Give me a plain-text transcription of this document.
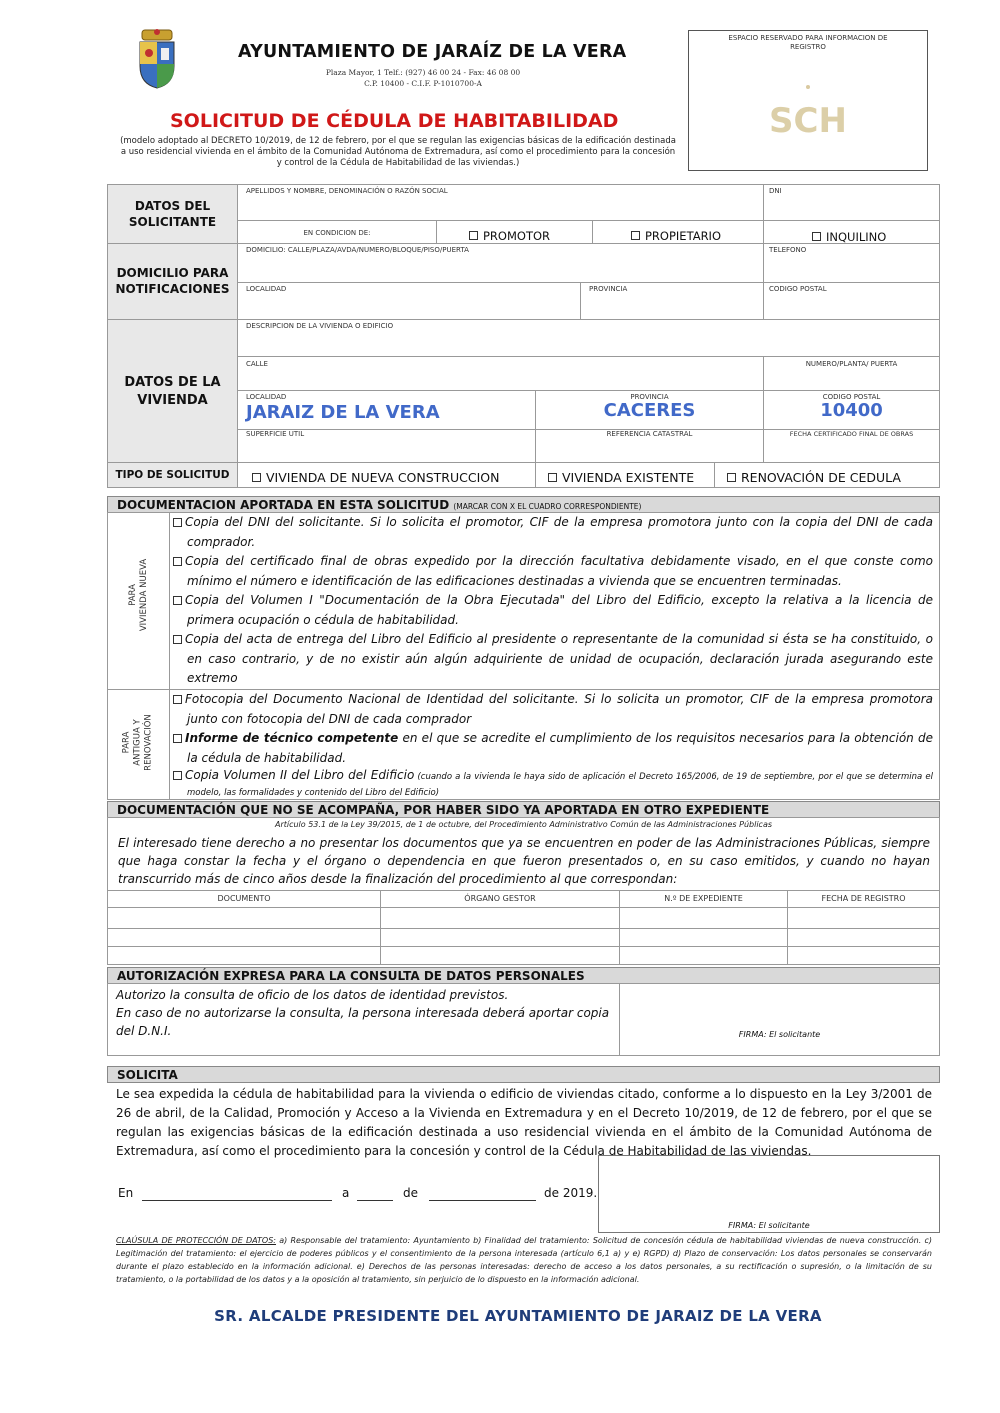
AYUNTAMIENTO DE JARAÍZ DE LA VERA
Plaza Mayor, 1 Telf.: (927) 46 00 24 - Fax: 46 08 00
C.P. 10400 - C.I.F. P-1010700-A
ESPACIO RESERVADO PARA INFORMACION DE REGISTRO
SCH
SOLICITUD DE CÉDULA DE HABITABILIDAD
(modelo adoptado al DECRETO 10/2019, de 12 de febrero, por el que se regulan las exigencias básicas de la edificación destinada a uso residencial vivienda en el ámbito de la Comunidad Autónoma de Extremadura, así como el procedimiento para la concesión y control de la Cédula de Habitabilidad de las viviendas.)
DATOS DEL SOLICITANTE
APELLIDOS Y NOMBRE, DENOMINACIÓN O RAZÓN SOCIAL	DNI
EN CONDICION DE:	PROMOTOR	PROPIETARIO	INQUILINO
DOMICILIO PARA NOTIFICACIONES
DOMICILIO: CALLE/PLAZA/AVDA/NUMERO/BLOQUE/PISO/PUERTA	TELEFONO
LOCALIDAD	PROVINCIA	CODIGO POSTAL
DATOS DE LA VIVIENDA
DESCRIPCION DE LA VIVIENDA O EDIFICIO
CALLE	NUMERO/PLANTA/ PUERTA
LOCALIDAD
JARAIZ DE LA VERA
PROVINCIA
CACERES
CODIGO POSTAL
10400
SUPERFICIE UTIL	REFERENCIA CATASTRAL	FECHA CERTIFICADO FINAL DE OBRAS
TIPO DE SOLICITUD	VIVIENDA DE NUEVA CONSTRUCCION	VIVIENDA EXISTENTE	RENOVACIÓN DE CEDULA
DOCUMENTACION APORTADA EN ESTA SOLICITUD (MARCAR CON X EL CUADRO CORRESPONDIENTE)
PARA VIVIENDA NUEVA
Copia del DNI del solicitante. Si lo solicita el promotor, CIF de la empresa promotora junto con la copia del DNI de cada comprador.
Copia del certificado final de obras expedido por la dirección facultativa debidamente visado, en el que conste como mínimo el número e identificación de las edificaciones destinadas a vivienda que se encuentren terminadas.
Copia del Volumen I "Documentación de la Obra Ejecutada" del Libro del Edificio, excepto la relativa a la licencia de primera ocupación o cédula de habitabilidad.
Copia del acta de entrega del Libro del Edificio al presidente o representante de la comunidad si ésta se ha constituido, o en caso contrario, y de no existir aún algún adquiriente de unidad de ocupación, declaración jurada asegurando este extremo
PARA ANTIGUA Y RENOVACIÓN
Fotocopia del Documento Nacional de Identidad del solicitante. Si lo solicita un promotor, CIF de la empresa promotora junto con fotocopia del DNI de cada comprador
Informe de técnico competente en el que se acredite el cumplimiento de los requisitos necesarios para la obtención de la cédula de habitabilidad.
Copia Volumen II del Libro del Edificio (cuando a la vivienda le haya sido de aplicación el Decreto 165/2006, de 19 de septiembre, por el que se determina el modelo, las formalidades y contenido del Libro del Edificio)
DOCUMENTACIÓN QUE NO SE ACOMPAÑA, POR HABER SIDO YA APORTADA EN OTRO EXPEDIENTE
Artículo 53.1 de la Ley 39/2015, de 1 de octubre, del Procedimiento Administrativo Común de las Administraciones Públicas
El interesado tiene derecho a no presentar los documentos que ya se encuentren en poder de las Administraciones Públicas, siempre que haga constar la fecha y el órgano o dependencia en que fueron presentados o, en su caso emitidos, y cuando no hayan transcurrido más de cinco años desde la finalización del procedimiento al que correspondan:
DOCUMENTO	ÓRGANO GESTOR	N.º DE EXPEDIENTE	FECHA DE REGISTRO
AUTORIZACIÓN EXPRESA PARA LA CONSULTA DE DATOS PERSONALES
Autorizo la consulta de oficio de los datos de identidad previstos.
En caso de no autorizarse la consulta, la persona interesada deberá aportar copia del D.N.I.	FIRMA: El solicitante
SOLICITA
Le sea expedida la cédula de habitabilidad para la vivienda o edificio de viviendas citado, conforme a lo dispuesto en la Ley 3/2001 de 26 de abril, de la Calidad, Promoción y Acceso a la Vivienda en Extremadura y en el Decreto 10/2019, de 12 de febrero, por el que se regulan las exigencias básicas de la edificación destinada a uso residencial vivienda en el ámbito de la Comunidad Autónoma de Extremadura, así como el procedimiento para la concesión y control de la Cédula de Habitabilidad de las viviendas.
En	a	de	de 2019.
FIRMA: El solicitante
CLAÚSULA DE PROTECCIÓN DE DATOS: a) Responsable del tratamiento: Ayuntamiento b) Finalidad del tratamiento: Solicitud de concesión cédula de habitabilidad viviendas de nueva construcción. c) Legitimación del tratamiento: el ejercicio de poderes públicos y el consentimiento de la persona interesada (artículo 6,1 a) y e) RGPD) d) Plazo de conservación: Los datos personales se conservarán durante el plazo establecido en la información adicional. e) Derechos de las personas interesadas: derecho de acceso a los datos personales, a su rectificación o supresión, o la limitación de su tratamiento, o la portabilidad de los datos y a la oposición al tratamiento, sin perjuicio de lo dispuesto en la información adicional.
SR. ALCALDE PRESIDENTE DEL AYUNTAMIENTO DE JARAIZ DE LA VERA
